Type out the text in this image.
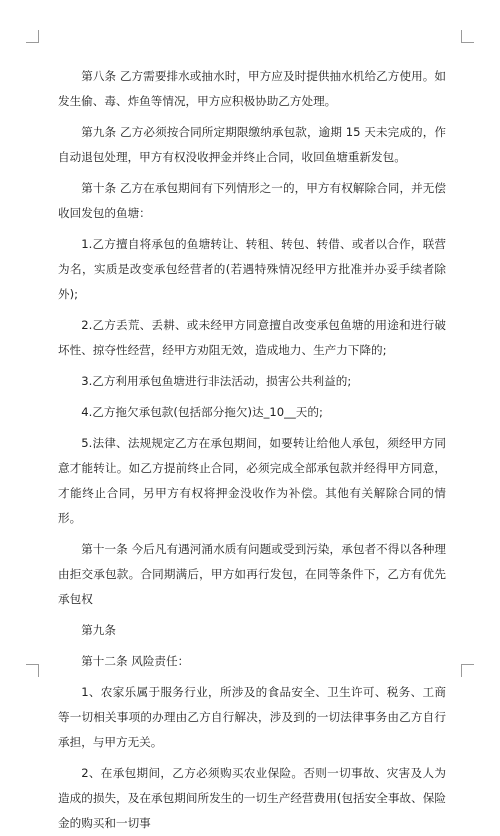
第八条 乙方需要排水或抽水时，甲方应及时提供抽水机给乙方使用。如发生偷、毒、炸鱼等情况，甲方应积极协助乙方处理。

第九条 乙方必须按合同所定期限缴纳承包款，逾期 15 天未完成的，作自动退包处理，甲方有权没收押金并终止合同，收回鱼塘重新发包。

第十条 乙方在承包期间有下列情形之一的，甲方有权解除合同，并无偿收回发包的鱼塘：

1.乙方擅自将承包的鱼塘转让、转租、转包、转借、或者以合作，联营为名，实质是改变承包经营者的(若遇特殊情况经甲方批准并办妥手续者除外);

2.乙方丢荒、丢耕、或未经甲方同意擅自改变承包鱼塘的用途和进行破坏性、掠夺性经营，经甲方劝阻无效，造成地力、生产力下降的;

3.乙方利用承包鱼塘进行非法活动，损害公共利益的;

4.乙方拖欠承包款(包括部分拖欠)达_10__天的;

5.法律、法规规定乙方在承包期间，如要转让给他人承包，须经甲方同意才能转让。如乙方提前终止合同，必须完成全部承包款并经得甲方同意，才能终止合同，另甲方有权将押金没收作为补偿。其他有关解除合同的情形。

第十一条 今后凡有遇河涌水质有问题或受到污染，承包者不得以各种理由拒交承包款。合同期满后，甲方如再行发包，在同等条件下，乙方有优先承包权

第九条

第十二条 风险责任：

1、农家乐属于服务行业，所涉及的食品安全、卫生许可、税务、工商等一切相关事项的办理由乙方自行解决，涉及到的一切法律事务由乙方自行承担，与甲方无关。

2、在承包期间，乙方必须购买农业保险。否则一切事故、灾害及人为造成的损失，及在承包期间所发生的一切生产经营费用(包括安全事故、保险金的购买和一切事
